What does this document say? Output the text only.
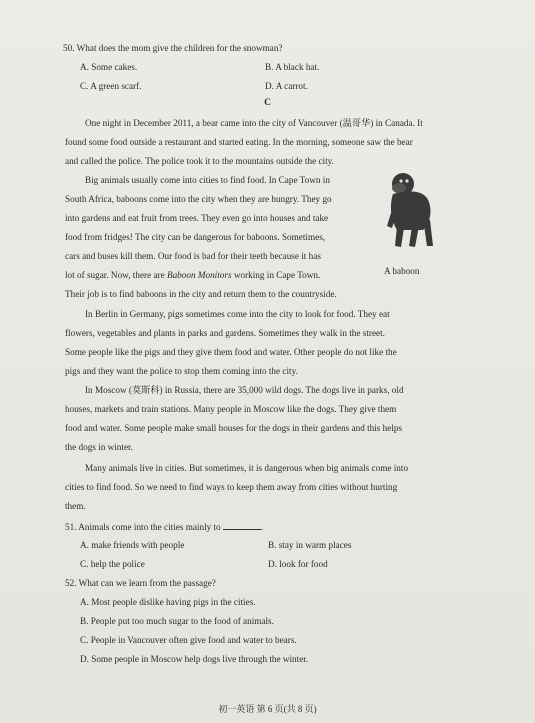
50. What does the mom give the children for the snowman?
A. Some cakes.	B. A black hat.
C. A green scarf.	D. A carrot.
C
One night in December 2011, a bear came into the city of Vancouver (温哥华) in Canada. It
found some food outside a restaurant and started eating. In the morning, someone saw the bear
and called the police. The police took it to the mountains outside the city.
Big animals usually come into cities to find food. In Cape Town in
South Africa, baboons come into the city when they are hungry. They go
into gardens and eat fruit from trees. They even go into houses and take
food from fridges! The city can be dangerous for baboons. Sometimes,
cars and buses kill them. Our food is bad for their teeth because it has
lot of sugar. Now, there are Baboon Monitors working in Cape Town.
Their job is to find baboons in the city and return them to the countryside.
A baboon
In Berlin in Germany, pigs sometimes come into the city to look for food. They eat
flowers, vegetables and plants in parks and gardens. Sometimes they walk in the street.
Some people like the pigs and they give them food and water. Other people do not like the
pigs and they want the police to stop them coming into the city.
In Moscow (莫斯科) in Russia, there are 35,000 wild dogs. The dogs live in parks, old
houses, markets and train stations. Many people in Moscow like the dogs. They give them
food and water. Some people make small houses for the dogs in their gardens and this helps
the dogs in winter.
Many animals live in cities. But sometimes, it is dangerous when big animals come into
cities to find food. So we need to find ways to keep them away from cities without hurting
them.
51. Animals come into the cities mainly to	.
A. make friends with people	B. stay in warm places
C. help the police	D. look for food
52. What can we learn from the passage?
A. Most people dislike having pigs in the cities.
B. People put too much sugar to the food of animals.
C. People in Vancouver often give food and water to bears.
D. Some people in Moscow help dogs live through the winter.
初一英语 第 6 页(共 8 页)
